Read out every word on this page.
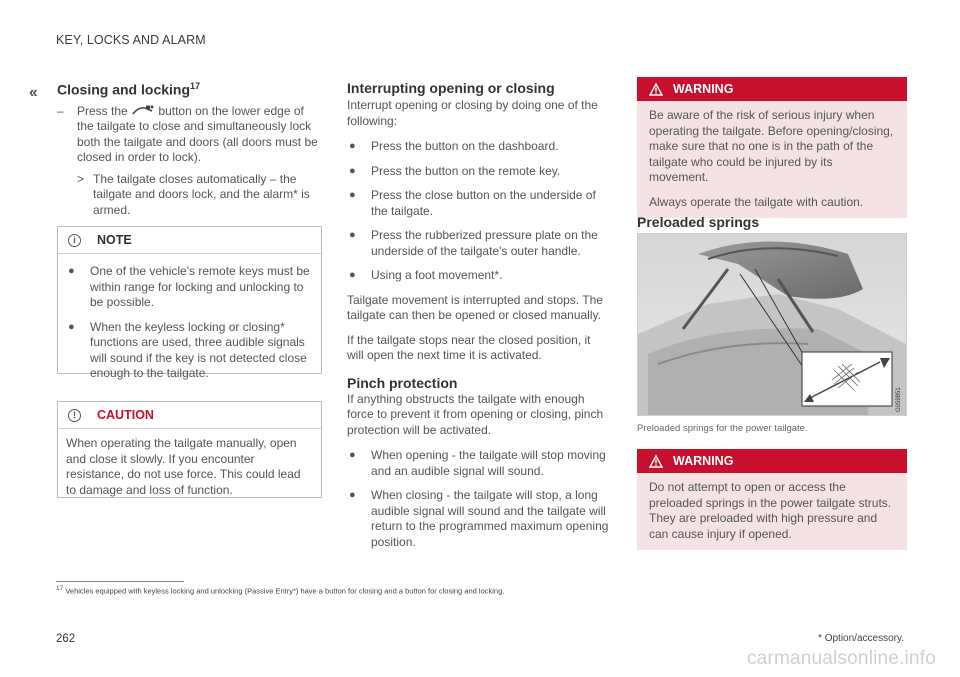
KEY, LOCKS AND ALARM
‹‹ Closing and locking$^{17}$
–	Press the	button on the lower edge of the tailgate to close and simultaneously lock both the tailgate and doors (all doors must be closed in order to lock).
> The tailgate closes automatically – the tailgate and doors lock, and the alarm* is armed.
i	NOTE
●	One of the vehicle's remote keys must be within range for locking and unlocking to be possible.
●	When the keyless locking or closing* functions are used, three audible signals will sound if the key is not detected close enough to the tailgate.
!	CAUTION
When operating the tailgate manually, open and close it slowly. If you encounter resistance, do not use force. This could lead to damage and loss of function.
Interrupting opening or closing
Interrupt opening or closing by doing one of the following:
●	Press the button on the dashboard.
●	Press the button on the remote key.
●	Press the close button on the underside of the tailgate.
●	Press the rubberized pressure plate on the underside of the tailgate's outer handle.
●	Using a foot movement*.
Tailgate movement is interrupted and stops. The tailgate can then be opened or closed manually.
If the tailgate stops near the closed position, it will open the next time it is activated.
Pinch protection
If anything obstructs the tailgate with enough force to prevent it from opening or closing, pinch protection will be activated.
●	When opening - the tailgate will stop moving and an audible signal will sound.
●	When closing - the tailgate will stop, a long audible signal will sound and the tailgate will return to the programmed maximum opening position.
WARNING
Be aware of the risk of serious injury when operating the tailgate. Before opening/closing, make sure that no one is in the path of the tailgate who could be injured by its movement.
Always operate the tailgate with caution.
Preloaded springs
G059851
Preloaded springs for the power tailgate.
WARNING
Do not attempt to open or access the preloaded springs in the power tailgate struts. They are preloaded with high pressure and can cause injury if opened.
$^{17}$ Vehicles equipped with keyless locking and unlocking (Passive Entry*) have a button for closing and a button for closing and locking.
262	* Option/accessory.
carmanualsonline.info
